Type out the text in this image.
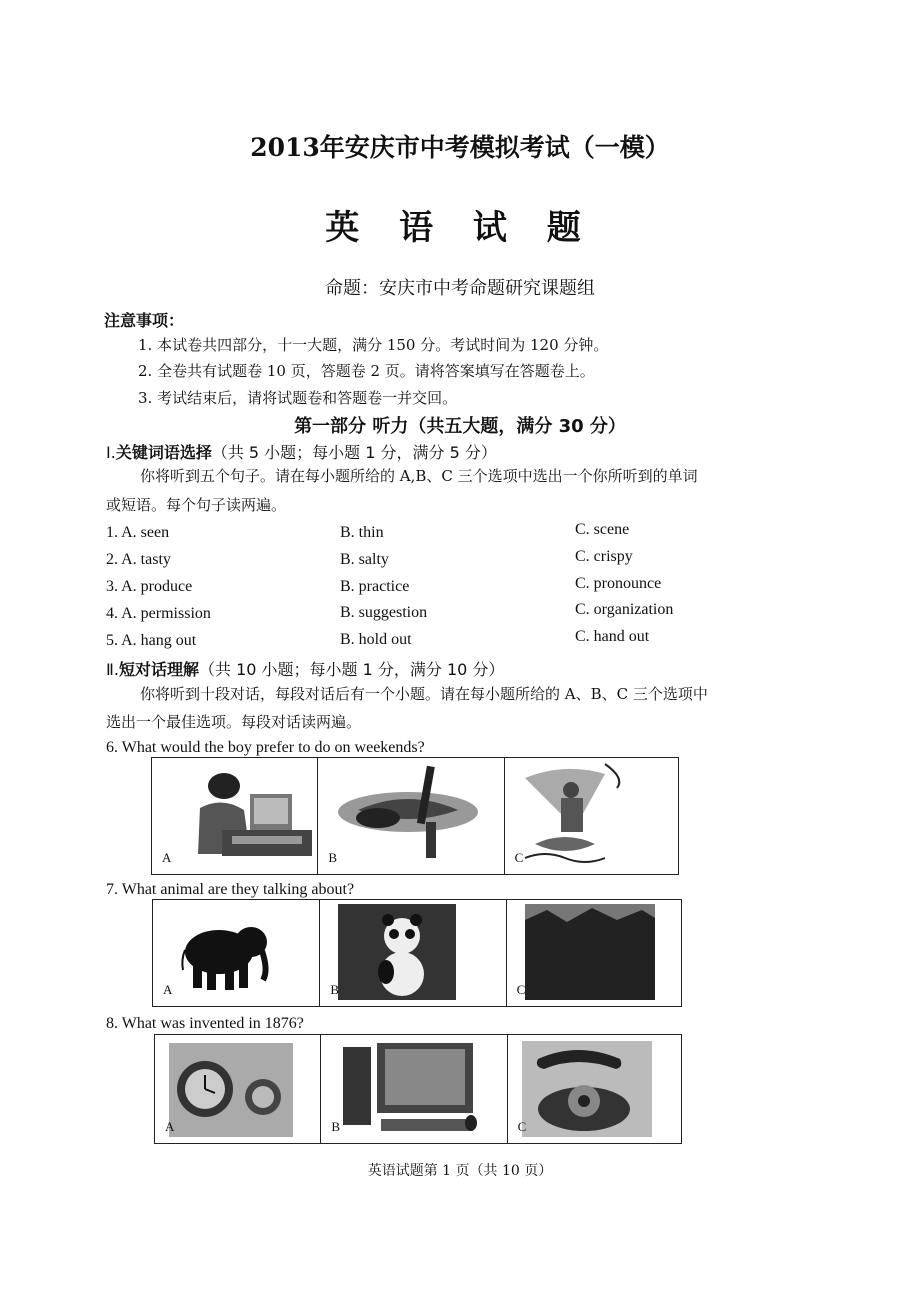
2013年安庆市中考模拟考试（一模）
英 语 试 题
命题：安庆市中考命题研究课题组
注意事项：
1. 本试卷共四部分，十一大题，满分 150 分。考试时间为 120 分钟。
2. 全卷共有试题卷 10 页，答题卷 2 页。请将答案填写在答题卷上。
3. 考试结束后，请将试题卷和答题卷一并交回。
第一部分 听力（共五大题，满分 30 分）
Ⅰ.关键词语选择（共 5 小题；每小题 1 分，满分 5 分）
你将听到五个句子。请在每小题所给的 A,B、C 三个选项中选出一个你所听到的单词
或短语。每个句子读两遍。
1. A. seen	B. thin	C. scene
2. A. tasty	B. salty	C. crispy
3. A. produce	B. practice	C. pronounce
4. A. permission	B. suggestion	C. organization
5. A. hang out	B. hold out	C. hand out
Ⅱ.短对话理解（共 10 小题；每小题 1 分，满分 10 分）
你将听到十段对话，每段对话后有一个小题。请在每小题所给的 A、B、C 三个选项中
选出一个最佳选项。每段对话读两遍。
6. What would the boy prefer to do on weekends?
A	B	C
7. What animal are they talking about?
A	B	C
8. What was invented in 1876?
A	B	C
英语试题第 1 页（共 10 页）
